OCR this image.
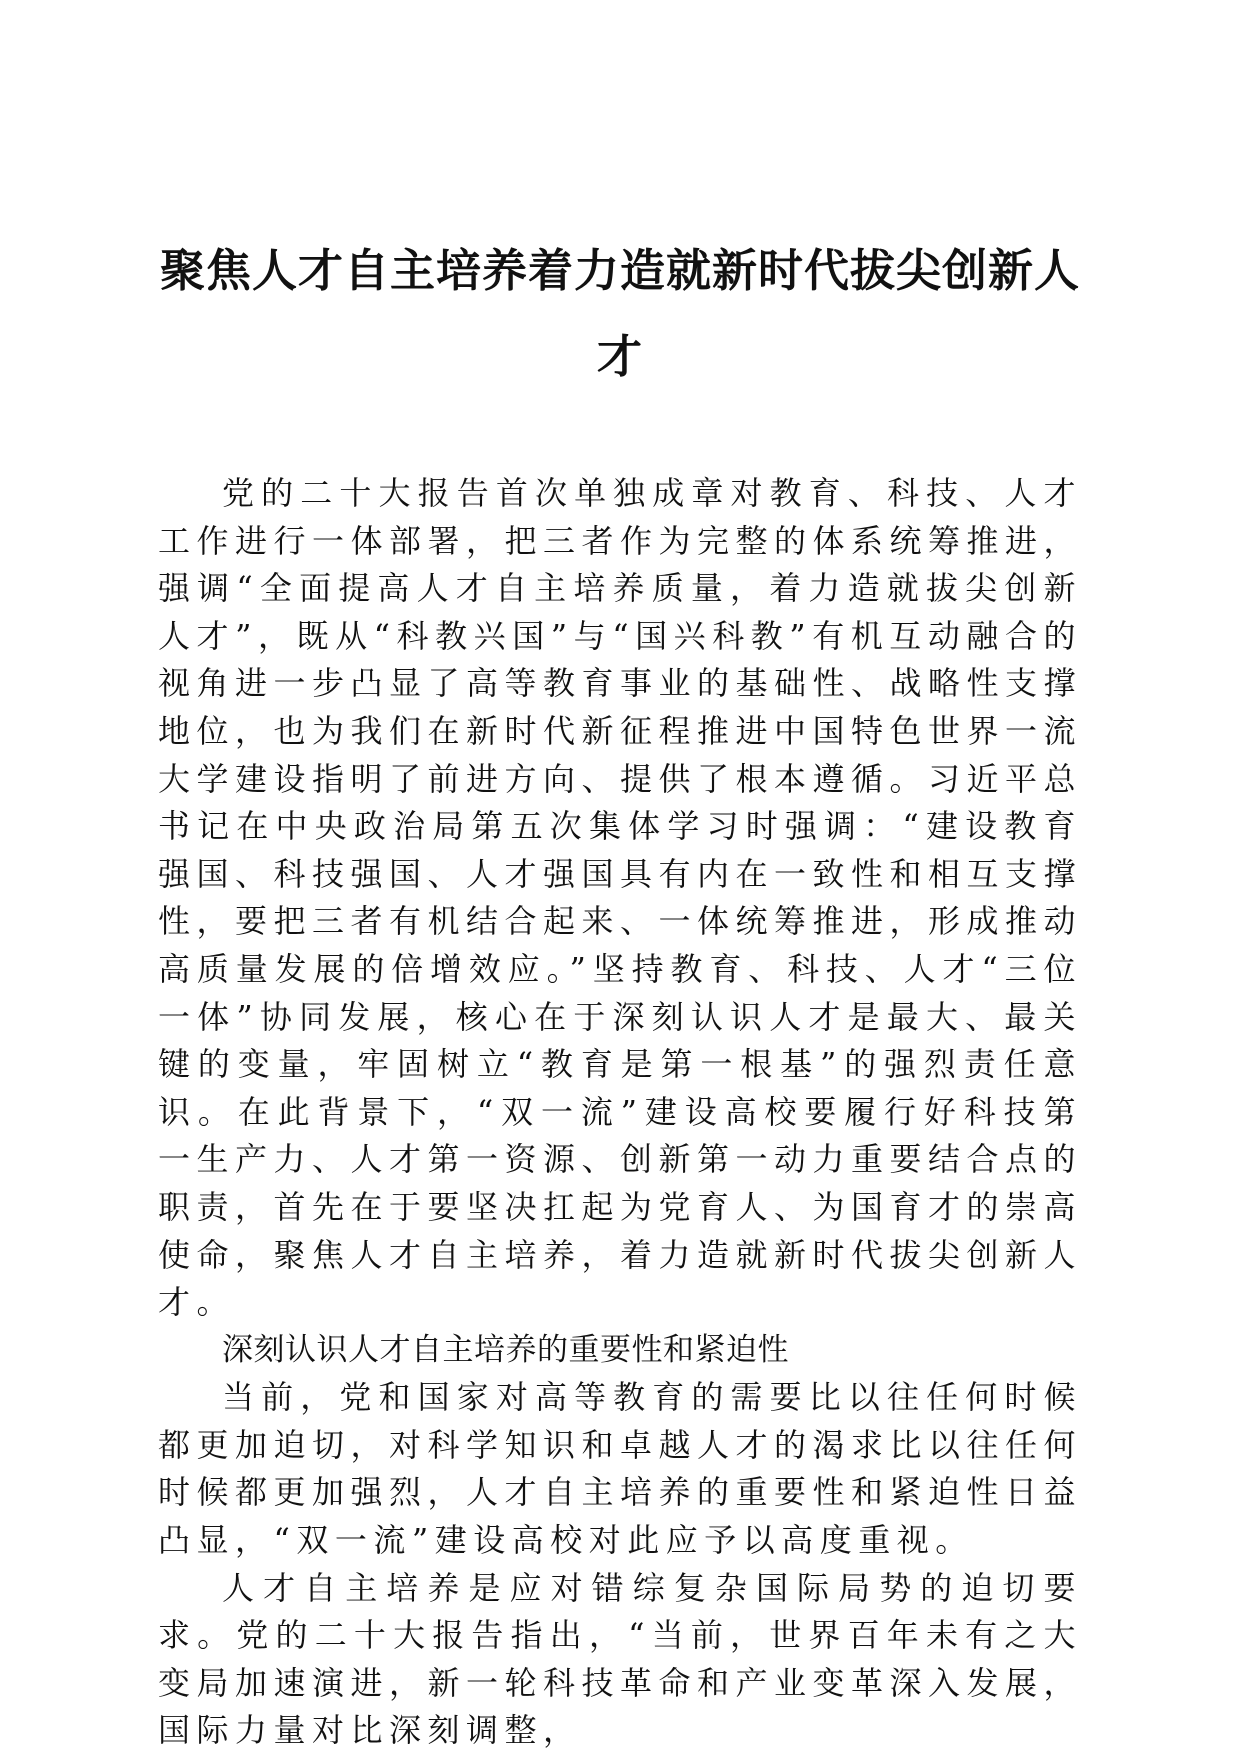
聚焦人才自主培养着力造就新时代拔尖创新人才

党的二十大报告首次单独成章对教育、科技、人才工作进行一体部署，把三者作为完整的体系统筹推进，强调“全面提高人才自主培养质量，着力造就拔尖创新人才”，既从“科教兴国”与“国兴科教”有机互动融合的视角进一步凸显了高等教育事业的基础性、战略性支撑地位，也为我们在新时代新征程推进中国特色世界一流大学建设指明了前进方向、提供了根本遵循。习近平总书记在中央政治局第五次集体学习时强调：“建设教育强国、科技强国、人才强国具有内在一致性和相互支撑性，要把三者有机结合起来、一体统筹推进，形成推动高质量发展的倍增效应。”坚持教育、科技、人才“三位一体”协同发展，核心在于深刻认识人才是最大、最关键的变量，牢固树立“教育是第一根基”的强烈责任意识。在此背景下，“双一流”建设高校要履行好科技第一生产力、人才第一资源、创新第一动力重要结合点的职责，首先在于要坚决扛起为党育人、为国育才的崇高使命，聚焦人才自主培养，着力造就新时代拔尖创新人才。

深刻认识人才自主培养的重要性和紧迫性

当前，党和国家对高等教育的需要比以往任何时候都更加迫切，对科学知识和卓越人才的渴求比以往任何时候都更加强烈，人才自主培养的重要性和紧迫性日益凸显，“双一流”建设高校对此应予以高度重视。

人才自主培养是应对错综复杂国际局势的迫切要求。党的二十大报告指出，“当前，世界百年未有之大变局加速演进，新一轮科技革命和产业变革深入发展，国际力量对比深刻调整，
